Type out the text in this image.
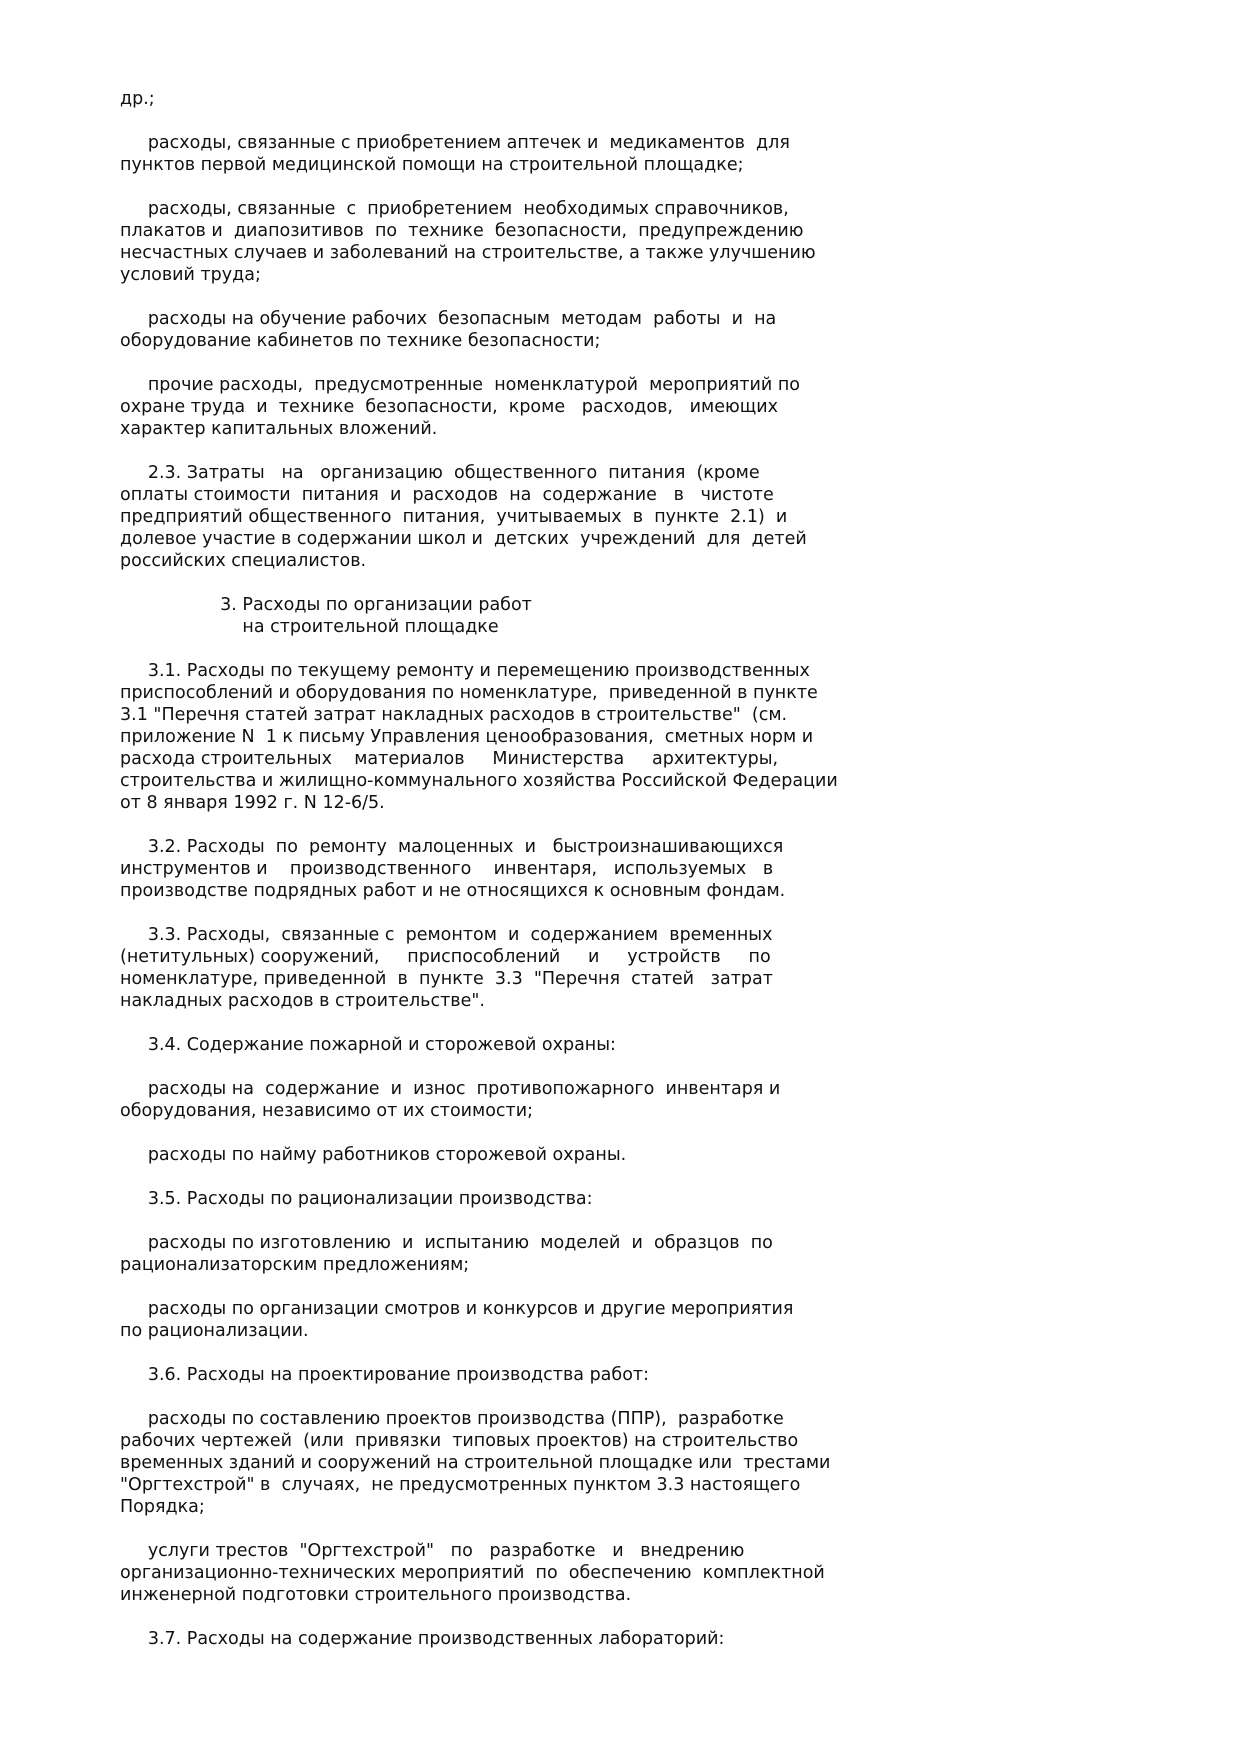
др.;
расходы, связанные с приобретением аптечек и  медикаментов  для
пунктов первой медицинской помощи на строительной площадке;
расходы, связанные  с  приобретением  необходимых справочников,
плакатов и  диапозитивов  по  технике  безопасности,  предупреждению
несчастных случаев и заболеваний на строительстве, а также улучшению
условий труда;
расходы на обучение рабочих  безопасным  методам  работы  и  на
оборудование кабинетов по технике безопасности;
прочие расходы,  предусмотренные  номенклатурой  мероприятий по
охране труда  и  технике  безопасности,  кроме   расходов,   имеющих
характер капитальных вложений.
2.3. Затраты   на   организацию  общественного  питания  (кроме
оплаты стоимости  питания  и  расходов  на  содержание   в   чистоте
предприятий общественного  питания,  учитываемых  в  пункте  2.1)  и
долевое участие в содержании школ и  детских  учреждений  для  детей
российских специалистов.
3. Расходы по организации работ
на строительной площадке
3.1. Расходы по текущему ремонту и перемещению производственных
приспособлений и оборудования по номенклатуре,  приведенной в пункте
3.1 "Перечня статей затрат накладных расходов в строительстве"  (см.
приложение N  1 к письму Управления ценообразования,  сметных норм и
расхода строительных    материалов     Министерства     архитектуры,
строительства и жилищно-коммунального хозяйства Российской Федерации
от 8 января 1992 г. N 12-6/5.
3.2. Расходы  по  ремонту  малоценных  и   быстроизнашивающихся
инструментов и    производственного    инвентаря,   используемых   в
производстве подрядных работ и не относящихся к основным фондам.
3.3. Расходы,  связанные с  ремонтом  и  содержанием  временных
(нетитульных) сооружений,     приспособлений     и     устройств     по
номенклатуре, приведенной  в  пункте  3.3  "Перечня  статей   затрат
накладных расходов в строительстве".
3.4. Содержание пожарной и сторожевой охраны:
расходы на  содержание  и  износ  противопожарного  инвентаря и
оборудования, независимо от их стоимости;
расходы по найму работников сторожевой охраны.
3.5. Расходы по рационализации производства:
расходы по изготовлению  и  испытанию  моделей  и  образцов  по
рационализаторским предложениям;
расходы по организации смотров и конкурсов и другие мероприятия
по рационализации.
3.6. Расходы на проектирование производства работ:
расходы по составлению проектов производства (ППР),  разработке
рабочих чертежей  (или  привязки  типовых проектов) на строительство
временных зданий и сооружений на строительной площадке или  трестами
"Оргтехстрой" в  случаях,  не предусмотренных пунктом 3.3 настоящего
Порядка;
услуги трестов  "Оргтехстрой"   по   разработке   и   внедрению
организационно-технических мероприятий  по  обеспечению  комплектной
инженерной подготовки строительного производства.
3.7. Расходы на содержание производственных лабораторий:
